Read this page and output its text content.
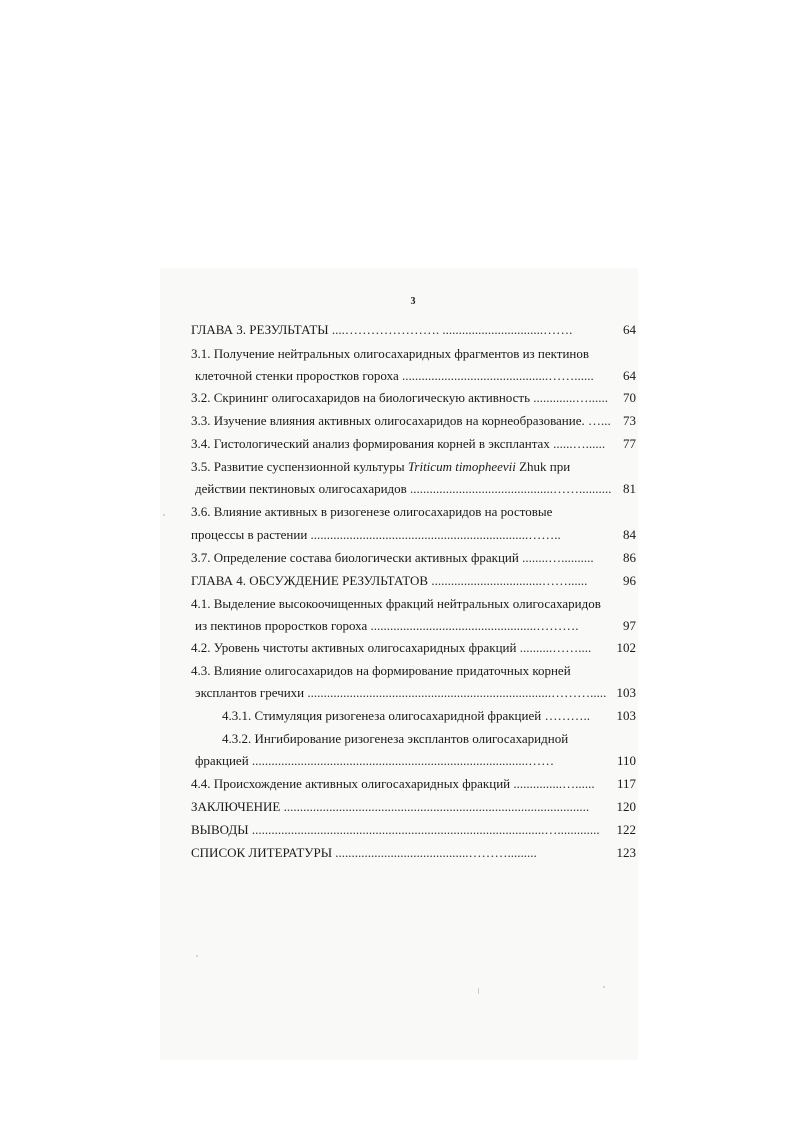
3
ГЛАВА 3. РЕЗУЛЬТАТЫ ....…………………. ...............................…….	64
3.1. Получение нейтральных олигосахаридных фрагментов из пектинов
клеточной стенки проростков гороха .............................................……...... 64
3.2. Скрининг олигосахаридов на биологическую активность .............…...... 70
3.3. Изучение влияния активных олигосахаридов на корнеобразование. …... 73
3.4. Гистологический анализ формирования корней в эксплантах ......…...... 77
3.5. Развитие суспензионной культуры Triticum timopheevii Zhuk при
действии пектиновых олигосахаридов ............................................…….......... 81
3.6. Влияние активных в ризогенезе олигосахаридов на ростовые
процессы в растении ...................................................................……..	84
3.7. Определение состава биологически активных фракций ........….......... 86
ГЛАВА 4. ОБСУЖДЕНИЕ РЕЗУЛЬТАТОВ ..................................……......	96
4.1. Выделение высокоочищенных фракций нейтральных олигосахаридов
из пектинов проростков гороха ...................................................……….	97
4.2. Уровень чистоты активных олигосахаридных фракций ..........…….... 102
4.3. Влияние олигосахаридов на формирование придаточных корней
эксплантов гречихи ...........................................................................………..... 103
4.3.1. Стимуляция ризогенеза олигосахаридной фракцией ……….. 103
4.3.2. Ингибирование ризогенеза эксплантов олигосахаридной
фракцией .....................................................................................……	110
4.4. Происхождение активных олигосахаридных фракций ...............…...... 117
ЗАКЛЮЧЕНИЕ .............................................................................................. 120
ВЫВОДЫ ..........................................................................................…............. 122
СПИСОК ЛИТЕРАТУРЫ .........................................……….........	123
